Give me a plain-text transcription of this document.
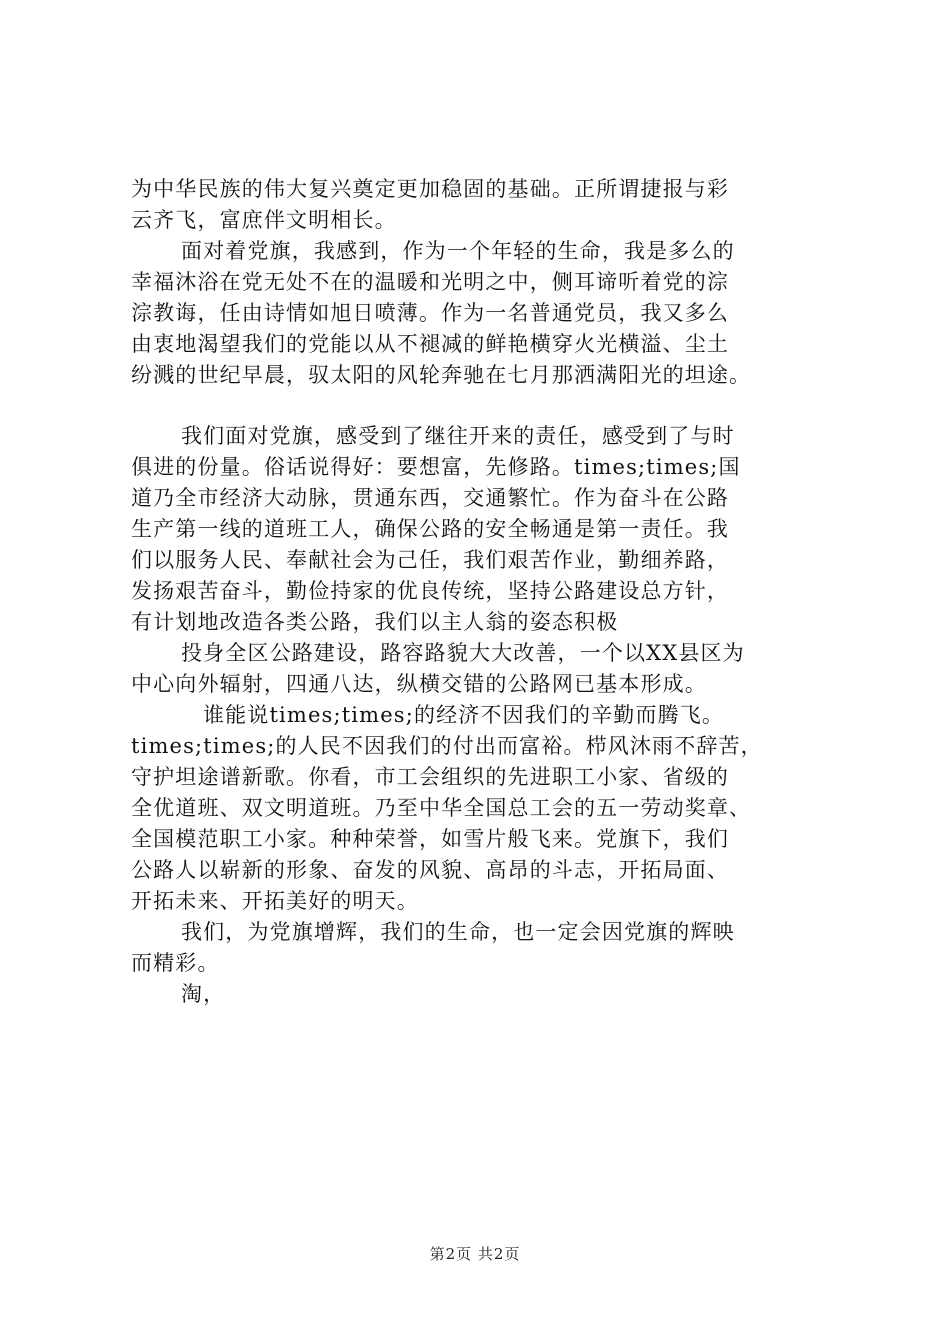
为中华民族的伟大复兴奠定更加稳固的基础。正所谓捷报与彩
云齐飞，富庶伴文明相长。
面对着党旗，我感到，作为一个年轻的生命，我是多么的
幸福沐浴在党无处不在的温暖和光明之中，侧耳谛听着党的淙
淙教诲，任由诗情如旭日喷薄。作为一名普通党员，我又多么
由衷地渴望我们的党能以从不褪减的鲜艳横穿火光横溢、尘土
纷溅的世纪早晨，驭太阳的风轮奔驰在七月那洒满阳光的坦途。
我们面对党旗，感受到了继往开来的责任，感受到了与时
俱进的份量。俗话说得好：要想富，先修路。times;times;国
道乃全市经济大动脉，贯通东西，交通繁忙。作为奋斗在公路
生产第一线的道班工人，确保公路的安全畅通是第一责任。我
们以服务人民、奉献社会为己任，我们艰苦作业，勤细养路，
发扬艰苦奋斗，勤俭持家的优良传统，坚持公路建设总方针，
有计划地改造各类公路，我们以主人翁的姿态积极
投身全区公路建设，路容路貌大大改善，一个以XX县区为
中心向外辐射，四通八达，纵横交错的公路网已基本形成。
谁能说times;times;的经济不因我们的辛勤而腾飞。
times;times;的人民不因我们的付出而富裕。栉风沐雨不辞苦，
守护坦途谱新歌。你看，市工会组织的先进职工小家、省级的
全优道班、双文明道班。乃至中华全国总工会的五一劳动奖章、
全国模范职工小家。种种荣誉，如雪片般飞来。党旗下，我们
公路人以崭新的形象、奋发的风貌、高昂的斗志，开拓局面、
开拓未来、开拓美好的明天。
我们，为党旗增辉，我们的生命，也一定会因党旗的辉映
而精彩。
淘，
第2页 共2页
